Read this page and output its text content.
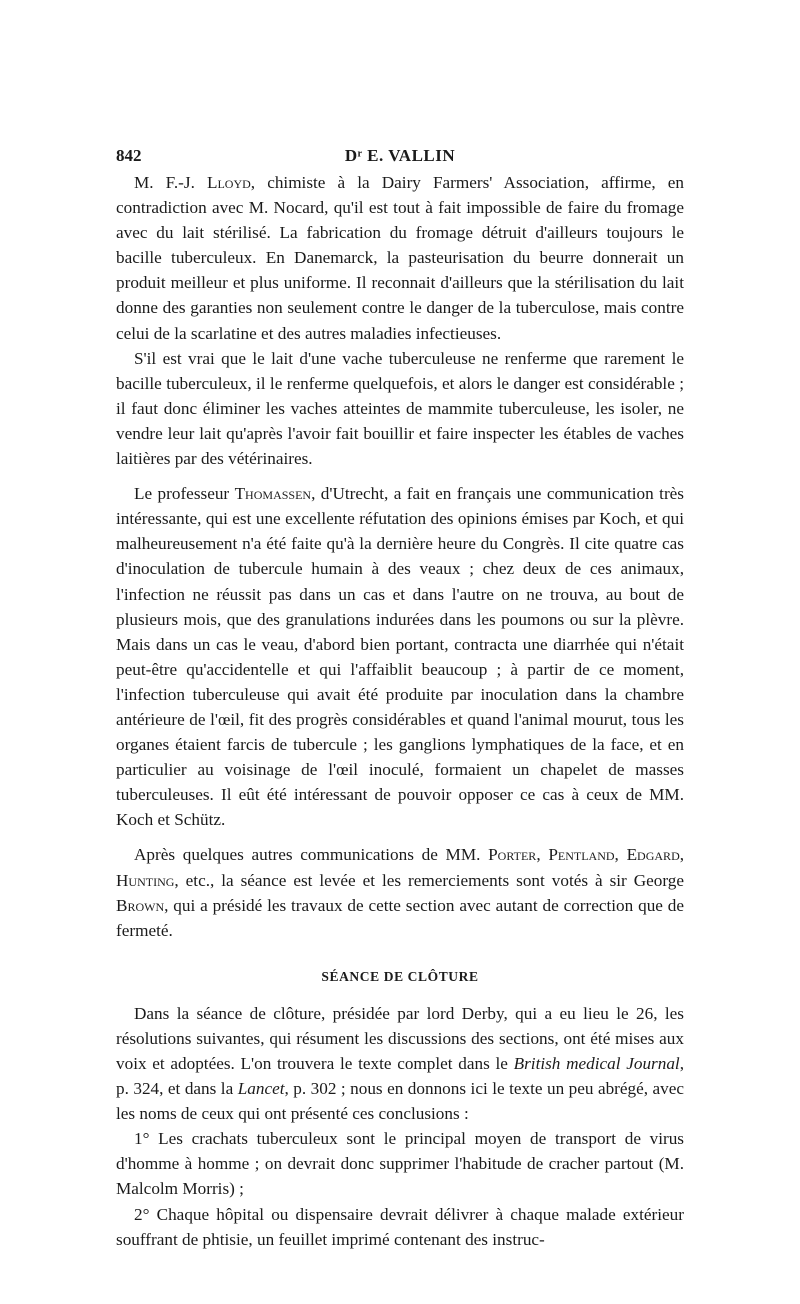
842	Dʳ E. VALLIN

M. F.-J. Lloyd, chimiste à la Dairy Farmers' Association, affirme, en contradiction avec M. Nocard, qu'il est tout à fait impossible de faire du fromage avec du lait stérilisé. La fabrication du fromage détruit d'ailleurs toujours le bacille tuberculeux. En Danemarck, la pasteurisation du beurre donnerait un produit meilleur et plus uniforme. Il reconnait d'ailleurs que la stérilisation du lait donne des garanties non seulement contre le danger de la tuberculose, mais contre celui de la scarlatine et des autres maladies infectieuses.

S'il est vrai que le lait d'une vache tuberculeuse ne renferme que rarement le bacille tuberculeux, il le renferme quelquefois, et alors le danger est considérable ; il faut donc éliminer les vaches atteintes de mammite tuberculeuse, les isoler, ne vendre leur lait qu'après l'avoir fait bouillir et faire inspecter les étables de vaches laitières par des vétérinaires.

Le professeur Thomassen, d'Utrecht, a fait en français une communication très intéressante, qui est une excellente réfutation des opinions émises par Koch, et qui malheureusement n'a été faite qu'à la dernière heure du Congrès. Il cite quatre cas d'inoculation de tubercule humain à des veaux ; chez deux de ces animaux, l'infection ne réussit pas dans un cas et dans l'autre on ne trouva, au bout de plusieurs mois, que des granulations indurées dans les poumons ou sur la plèvre. Mais dans un cas le veau, d'abord bien portant, contracta une diarrhée qui n'était peut-être qu'accidentelle et qui l'affaiblit beaucoup ; à partir de ce moment, l'infection tuberculeuse qui avait été produite par inoculation dans la chambre antérieure de l'œil, fit des progrès considérables et quand l'animal mourut, tous les organes étaient farcis de tubercule ; les ganglions lymphatiques de la face, et en particulier au voisinage de l'œil inoculé, formaient un chapelet de masses tuberculeuses. Il eût été intéressant de pouvoir opposer ce cas à ceux de MM. Koch et Schütz.

Après quelques autres communications de MM. Porter, Pentland, Edgard, Hunting, etc., la séance est levée et les remerciements sont votés à sir George Brown, qui a présidé les travaux de cette section avec autant de correction que de fermeté.

SÉANCE DE CLÔTURE

Dans la séance de clôture, présidée par lord Derby, qui a eu lieu le 26, les résolutions suivantes, qui résument les discussions des sections, ont été mises aux voix et adoptées. L'on trouvera le texte complet dans le British medical Journal, p. 324, et dans la Lancet, p. 302 ; nous en donnons ici le texte un peu abrégé, avec les noms de ceux qui ont présenté ces conclusions :

1° Les crachats tuberculeux sont le principal moyen de transport de virus d'homme à homme ; on devrait donc supprimer l'habitude de cracher partout (M. Malcolm Morris) ;

2° Chaque hôpital ou dispensaire devrait délivrer à chaque malade extérieur souffrant de phtisie, un feuillet imprimé contenant des instruc-
